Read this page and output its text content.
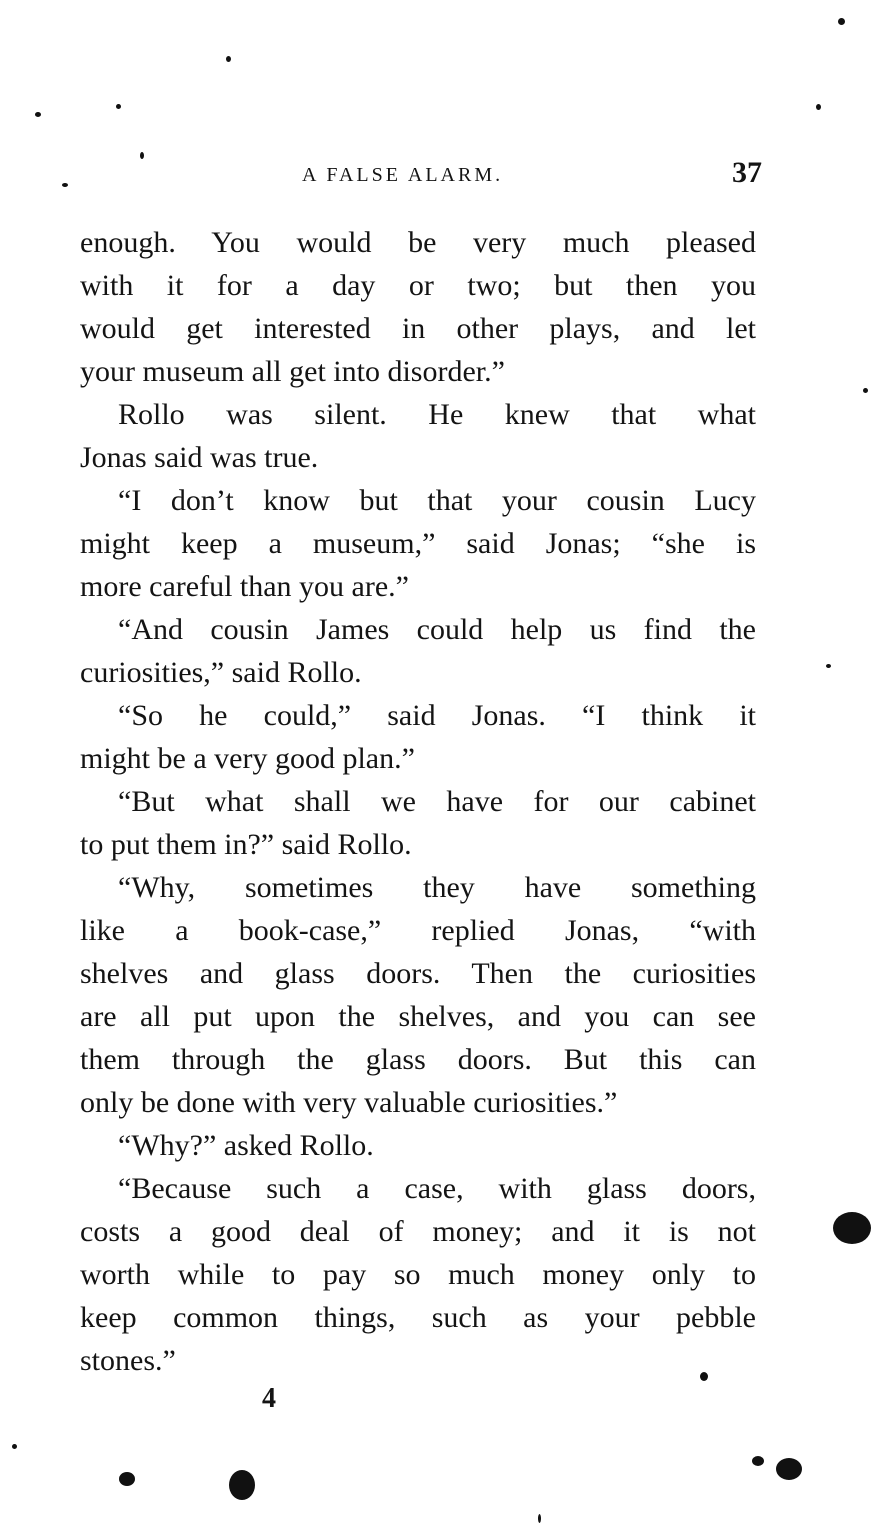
A FALSE ALARM.	37
enough. You would be very much pleased
with it for a day or two; but then you
would get interested in other plays, and let
your museum all get into disorder.”
Rollo was silent. He knew that what
Jonas said was true.
“I don’t know but that your cousin Lucy
might keep a museum,” said Jonas; “she is
more careful than you are.”
“And cousin James could help us find the
curiosities,” said Rollo.
“So he could,” said Jonas. “I think it
might be a very good plan.”
“But what shall we have for our cabinet
to put them in?” said Rollo.
“Why, sometimes they have something
like a book-case,” replied Jonas, “with
shelves and glass doors. Then the curiosities
are all put upon the shelves, and you can see
them through the glass doors. But this can
only be done with very valuable curiosities.”
“Why?” asked Rollo.
“Because such a case, with glass doors,
costs a good deal of money; and it is not
worth while to pay so much money only to
keep common things, such as your pebble
stones.”
4
